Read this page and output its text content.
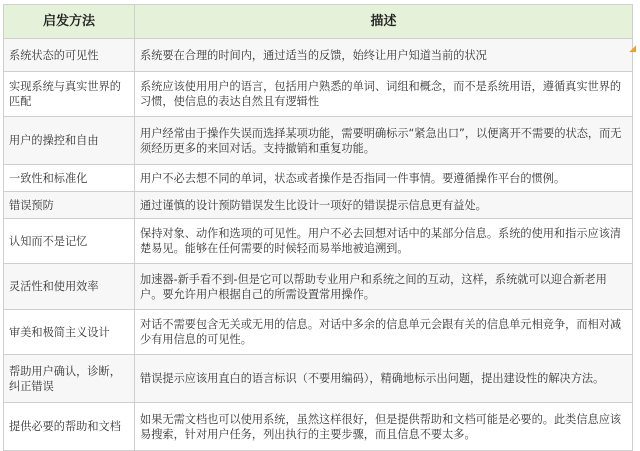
启发方法	描述
系统状态的可见性	系统要在合理的时间内，通过适当的反馈，始终让用户知道当前的状况
实现系统与真实世界的匹配	系统应该使用用户的语言，包括用户熟悉的单词、词组和概念，而不是系统用语，遵循真实世界的习惯，使信息的表达自然且有逻辑性
用户的操控和自由	用户经常由于操作失误而选择某项功能，需要明确标示“紧急出口”，以便离开不需要的状态，而无须经历更多的来回对话。支持撤销和重复功能。
一致性和标准化	用户不必去想不同的单词，状态或者操作是否指同一件事情。要遵循操作平台的惯例。
错误预防	通过谨慎的设计预防错误发生比设计一项好的错误提示信息更有益处。
认知而不是记忆	保持对象、动作和选项的可见性。用户不必去回想对话中的某部分信息。系统的使用和指示应该清楚易见。能够在任何需要的时候轻而易举地被追溯到。
灵活性和使用效率	加速器-新手看不到-但是它可以帮助专业用户和系统之间的互动，这样，系统就可以迎合新老用户。要允许用户根据自己的所需设置常用操作。
审美和极简主义设计	对话不需要包含无关或无用的信息。对话中多余的信息单元会跟有关的信息单元相竞争，而相对减少有用信息的可见性。
帮助用户确认，诊断，纠正错误	错误提示应该用直白的语言标识（不要用编码），精确地标示出问题，提出建设性的解决方法。
提供必要的帮助和文档	如果无需文档也可以使用系统，虽然这样很好，但是提供帮助和文档可能是必要的。此类信息应该易搜索，针对用户任务，列出执行的主要步骤，而且信息不要太多。
◢
